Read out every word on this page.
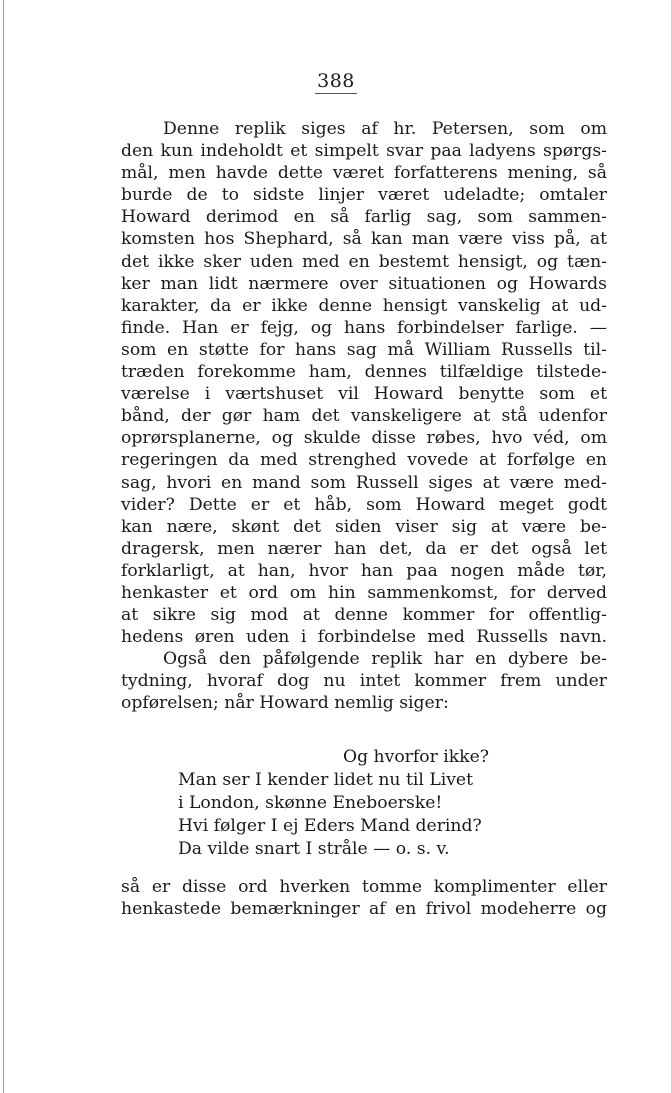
388
Denne replik siges af hr. Petersen, som om
den kun indeholdt et simpelt svar paa ladyens spørgs-
mål, men havde dette været forfatterens mening, så
burde de to sidste linjer været udeladte; omtaler
Howard derimod en så farlig sag, som sammen-
komsten hos Shephard, så kan man være viss på, at
det ikke sker uden med en bestemt hensigt, og tæn-
ker man lidt nærmere over situationen og Howards
karakter, da er ikke denne hensigt vanskelig at ud-
finde. Han er fejg, og hans forbindelser farlige. —
som en støtte for hans sag må William Russells til-
træden forekomme ham, dennes tilfældige tilstede-
værelse i værtshuset vil Howard benytte som et
bånd, der gør ham det vanskeligere at stå udenfor
oprørsplanerne, og skulde disse røbes, hvo véd, om
regeringen da med strenghed vovede at forfølge en
sag, hvori en mand som Russell siges at være med-
vider? Dette er et håb, som Howard meget godt
kan nære, skønt det siden viser sig at være be-
dragersk, men nærer han det, da er det også let
forklarligt, at han, hvor han paa nogen måde tør,
henkaster et ord om hin sammenkomst, for derved
at sikre sig mod at denne kommer for offentlig-
hedens øren uden i forbindelse med Russells navn.
Også den påfølgende replik har en dybere be-
tydning, hvoraf dog nu intet kommer frem under
opførelsen; når Howard nemlig siger:
Og hvorfor ikke?
Man ser I kender lidet nu til Livet
i London, skønne Eneboerske!
Hvi følger I ej Eders Mand derind?
Da vilde snart I stråle — o. s. v.
så er disse ord hverken tomme komplimenter eller
henkastede bemærkninger af en frivol modeherre og
